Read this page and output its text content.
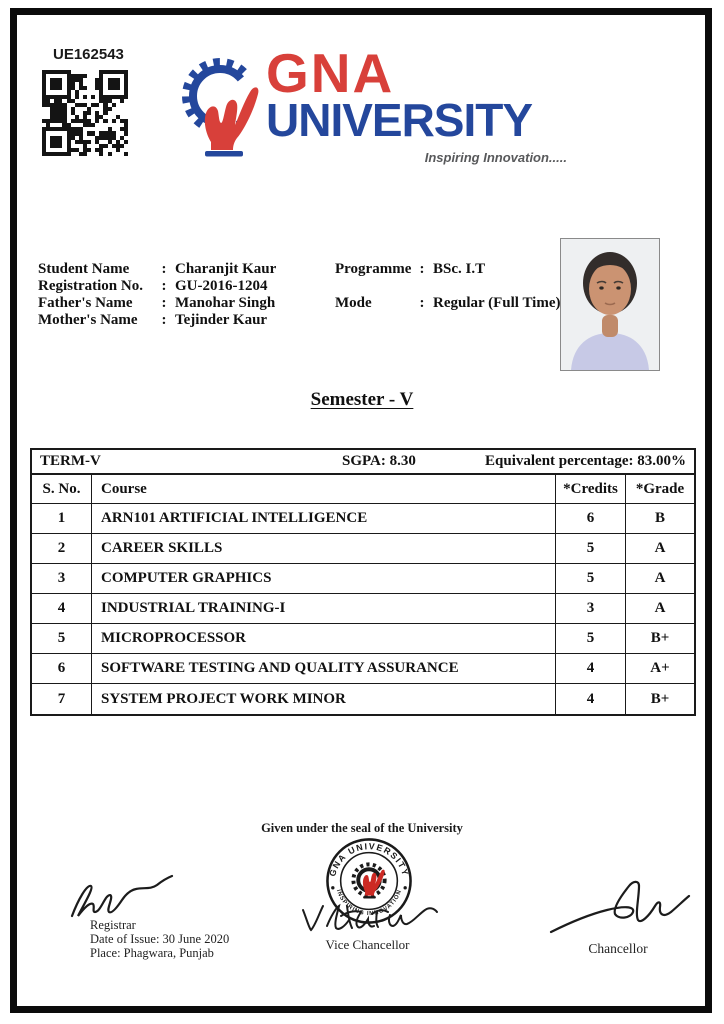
UE162543	GNA
UNIVERSITY
Inspiring Innovation.....
Student Name	: Charanjit Kaur
Registration No.	: GU-2016-1204
Father's Name	: Manohar Singh
Mother's Name	: Tejinder Kaur
Programme : BSc. I.T
Mode	: Regular (Full Time)
Semester - V
TERM-V	SGPA: 8.30	Equivalent percentage: 83.00%
S. No.	Course	*Credits	*Grade
1	ARN101 ARTIFICIAL INTELLIGENCE	6	B
2	CAREER SKILLS	5	A
3	COMPUTER GRAPHICS	5	A
4	INDUSTRIAL TRAINING-I	3	A
5	MICROPROCESSOR	5	B+
6	SOFTWARE TESTING AND QUALITY ASSURANCE	4	A+
7	SYSTEM PROJECT WORK MINOR	4	B+
Given under the seal of the University
GNA UNIVERSITY
INSPIRING INNOVATION
Registrar
Date of Issue: 30 June 2020
Place: Phagwara, Punjab
Vice Chancellor	Chancellor
